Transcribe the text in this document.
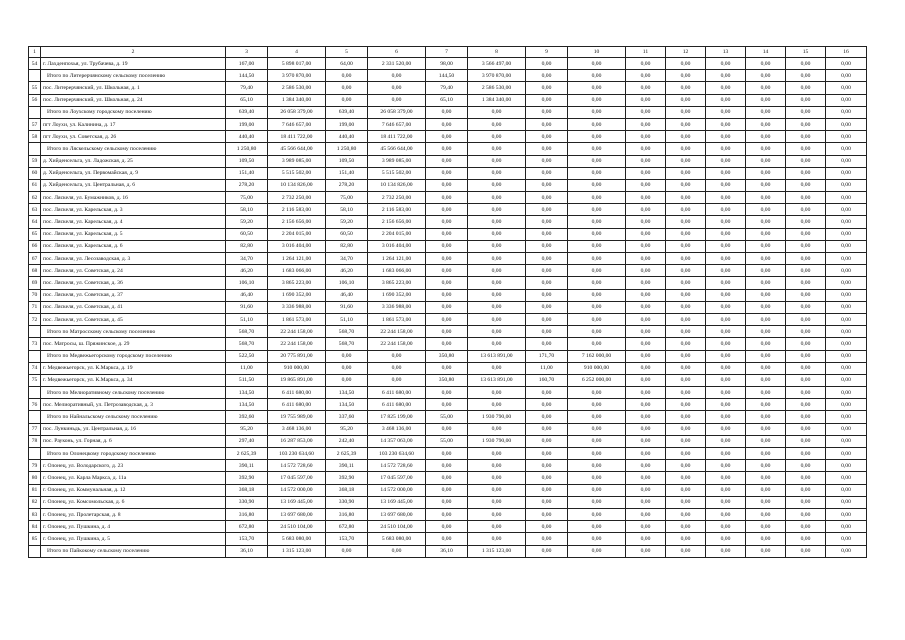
1	2	3	4	5	6	7	8	9	10	11	12	13	14	15	16
54	г. Лахденпохья, ул. Трубачева, д. 19	167,00	5 898 017,00	64,00	2 331 520,00	98,00	3 566 497,00	0,00	0,00	0,00	0,00	0,00	0,00	0,00	0,00
	Итого по Литерерчянскому сельскому поселению	144,50	3 970 870,00	0,00	0,00	144,50	3 970 870,00	0,00	0,00	0,00	0,00	0,00	0,00	0,00	0,00
55	пос. Литерерчянский, ул. Школьная, д. 1	79,40	2 586 530,00	0,00	0,00	79,40	2 586 530,00	0,00	0,00	0,00	0,00	0,00	0,00	0,00	0,00
56	пос. Литерерчянский, ул. Школьная, д. 24	65,10	1 384 340,00	0,00	0,00	65,10	1 384 340,00	0,00	0,00	0,00	0,00	0,00	0,00	0,00	0,00
	Итого по Лоухскому городскому поселению	639,40	26 058 379,00	639,40	26 058 379,00	0,00	0,00	0,00	0,00	0,00	0,00	0,00	0,00	0,00	0,00
57	пгт Лоухи, ул. Калинина, д. 17	199,00	7 646 657,00	199,00	7 646 657,00	0,00	0,00	0,00	0,00	0,00	0,00	0,00	0,00	0,00	0,00
58	пгт Лоухи, ул. Советская, д. 26	440,40	18 411 722,00	440,40	18 411 722,00	0,00	0,00	0,00	0,00	0,00	0,00	0,00	0,00	0,00	0,00
	Итого по Ляскельскому сельскому поселению	1 250,80	45 566 644,00	1 250,80	45 566 644,00	0,00	0,00	0,00	0,00	0,00	0,00	0,00	0,00	0,00	0,00
59	д. Хийденсельга, ул. Ладожская, д. 25	109,50	3 989 085,00	109,50	3 989 085,00	0,00	0,00	0,00	0,00	0,00	0,00	0,00	0,00	0,00	0,00
60	д. Хийденсельга, ул. Первомайская, д. 9	151,40	5 515 502,00	151,40	5 515 502,00	0,00	0,00	0,00	0,00	0,00	0,00	0,00	0,00	0,00	0,00
61	д. Хийденсельга, ул. Центральная, д. 6	278,20	10 134 826,00	278,20	10 134 826,00	0,00	0,00	0,00	0,00	0,00	0,00	0,00	0,00	0,00	0,00
62	пос. Ляскеля, ул. Бумажников, д. 16	75,00	2 732 250,00	75,00	2 732 250,00	0,00	0,00	0,00	0,00	0,00	0,00	0,00	0,00	0,00	0,00
63	пос. Ляскеля, ул. Карельская, д. 3	58,10	2 116 583,00	58,10	2 116 583,00	0,00	0,00	0,00	0,00	0,00	0,00	0,00	0,00	0,00	0,00
64	пос. Ляскеля, ул. Карельская, д. 4	59,20	2 156 656,00	59,20	2 156 656,00	0,00	0,00	0,00	0,00	0,00	0,00	0,00	0,00	0,00	0,00
65	пос. Ляскеля, ул. Карельская, д. 5	60,50	2 204 015,00	60,50	2 204 015,00	0,00	0,00	0,00	0,00	0,00	0,00	0,00	0,00	0,00	0,00
66	пос. Ляскеля, ул. Карельская, д. 6	82,80	3 016 404,00	82,80	3 016 404,00	0,00	0,00	0,00	0,00	0,00	0,00	0,00	0,00	0,00	0,00
67	пос. Ляскеля, ул. Лесозаводская, д. 3	34,70	1 264 121,00	34,70	1 264 121,00	0,00	0,00	0,00	0,00	0,00	0,00	0,00	0,00	0,00	0,00
68	пос. Ляскеля, ул. Советская, д. 24	46,20	1 683 066,00	46,20	1 683 066,00	0,00	0,00	0,00	0,00	0,00	0,00	0,00	0,00	0,00	0,00
69	пос. Ляскеля, ул. Советская, д. 36	106,10	3 865 223,00	106,10	3 865 223,00	0,00	0,00	0,00	0,00	0,00	0,00	0,00	0,00	0,00	0,00
70	пос. Ляскеля, ул. Советская, д. 37	46,40	1 690 352,00	46,40	1 690 352,00	0,00	0,00	0,00	0,00	0,00	0,00	0,00	0,00	0,00	0,00
71	пос. Ляскеля, ул. Советская, д. 41	91,60	3 336 988,00	91,60	3 336 988,00	0,00	0,00	0,00	0,00	0,00	0,00	0,00	0,00	0,00	0,00
72	пос. Ляскеля, ул. Советская, д. 45	51,10	1 861 573,00	51,10	1 861 573,00	0,00	0,00	0,00	0,00	0,00	0,00	0,00	0,00	0,00	0,00
	Итого по Матросскому сельскому поселению	568,70	22 244 158,00	568,70	22 244 158,00	0,00	0,00	0,00	0,00	0,00	0,00	0,00	0,00	0,00	0,00
73	пос. Матросы, ш. Пряжинское, д. 29	568,70	22 244 158,00	568,70	22 244 158,00	0,00	0,00	0,00	0,00	0,00	0,00	0,00	0,00	0,00	0,00
	Итого по Медвежьегорскому городскому поселению	522,50	20 775 891,00	0,00	0,00	350,80	13 613 891,00	171,70	7 162 000,00	0,00	0,00	0,00	0,00	0,00	0,00
74	г. Медвежьегорск, ул. К.Маркса, д. 19	11,00	910 000,00	0,00	0,00	0,00	0,00	11,00	910 000,00	0,00	0,00	0,00	0,00	0,00	0,00
75	г. Медвежьегорск, ул. К.Маркса, д. 34	511,50	19 865 891,00	0,00	0,00	350,80	13 613 891,00	160,70	6 252 000,00	0,00	0,00	0,00	0,00	0,00	0,00
	Итого по Мелиоративному сельскому поселению	134,50	6 411 680,00	134,50	6 411 680,00	0,00	0,00	0,00	0,00	0,00	0,00	0,00	0,00	0,00	0,00
76	пос. Мелиоративный, ул. Петрозаводская, д. 3	134,50	6 411 680,00	134,50	6 411 680,00	0,00	0,00	0,00	0,00	0,00	0,00	0,00	0,00	0,00	0,00
	Итого по Найнальскому сельскому поселению	392,60	19 755 989,00	337,60	17 825 199,00	55,00	1 930 790,00	0,00	0,00	0,00	0,00	0,00	0,00	0,00	0,00
77	пос. Лункиньдь, ул. Центральная, д. 16	95,20	3 468 136,00	95,20	3 468 136,00	0,00	0,00	0,00	0,00	0,00	0,00	0,00	0,00	0,00	0,00
78	пос. Рауконь, ул. Горная, д. 6	297,40	16 287 853,00	242,40	14 357 063,00	55,00	1 930 790,00	0,00	0,00	0,00	0,00	0,00	0,00	0,00	0,00
	Итого по Олонецкому городскому поселению	2 625,39	103 230 634,60	2 625,39	103 230 634,60	0,00	0,00	0,00	0,00	0,00	0,00	0,00	0,00	0,00	0,00
79	г. Олонец, ул. Володарского, д. 23	390,11	14 572 728,60	390,11	14 572 728,60	0,00	0,00	0,00	0,00	0,00	0,00	0,00	0,00	0,00	0,00
80	г. Олонец, ул. Карла Маркса, д. 11а	392,90	17 045 597,00	392,90	17 045 597,00	0,00	0,00	0,00	0,00	0,00	0,00	0,00	0,00	0,00	0,00
81	г. Олонец, ул. Коммунальная, д. 12	368,18	14 572 000,00	368,18	14 572 000,00	0,00	0,00	0,00	0,00	0,00	0,00	0,00	0,00	0,00	0,00
82	г. Олонец, ул. Комсомольская, д. 6	330,90	13 169 445,00	330,90	13 169 445,00	0,00	0,00	0,00	0,00	0,00	0,00	0,00	0,00	0,00	0,00
83	г. Олонец, ул. Пролетарская, д. 8	316,80	13 697 680,00	316,80	13 697 680,00	0,00	0,00	0,00	0,00	0,00	0,00	0,00	0,00	0,00	0,00
84	г. Олонец, ул. Пушкина, д. 4	672,80	24 510 104,00	672,80	24 510 104,00	0,00	0,00	0,00	0,00	0,00	0,00	0,00	0,00	0,00	0,00
85	г. Олонец, ул. Пушкина, д. 5	153,70	5 683 080,00	153,70	5 683 080,00	0,00	0,00	0,00	0,00	0,00	0,00	0,00	0,00	0,00	0,00
	Итого по Пайкокому сельскому поселению	36,10	1 315 123,00	0,00	0,00	36,10	1 315 123,00	0,00	0,00	0,00	0,00	0,00	0,00	0,00	0,00
